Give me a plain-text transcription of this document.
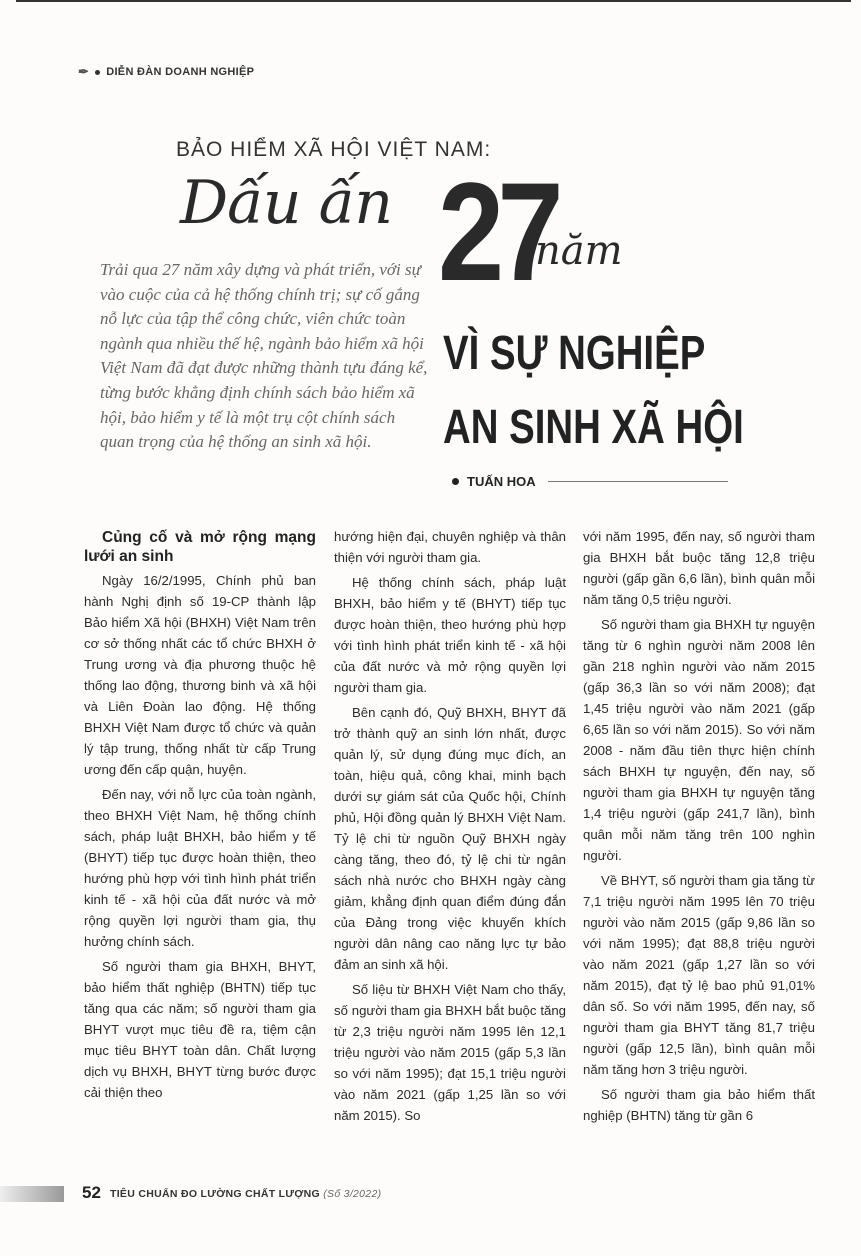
✒ DIỄN ĐÀN DOANH NGHIỆP
BẢO HIỂM XÃ HỘI VIỆT NAM:
Dấu ấn 27
năm
VÌ SỰ NGHIỆP
AN SINH XÃ HỘI
Trải qua 27 năm xây dựng và phát triển, với sự vào cuộc của cả hệ thống chính trị; sự cố gắng nỗ lực của tập thể công chức, viên chức toàn ngành qua nhiều thế hệ, ngành bảo hiểm xã hội Việt Nam đã đạt được những thành tựu đáng kể, từng bước khẳng định chính sách bảo hiểm xã hội, bảo hiểm y tế là một trụ cột chính sách quan trọng của hệ thống an sinh xã hội.
TUẤN HOA

Củng cố và mở rộng mạng lưới an sinh

Ngày 16/2/1995, Chính phủ ban hành Nghị định số 19-CP thành lập Bảo hiểm Xã hội (BHXH) Việt Nam trên cơ sở thống nhất các tổ chức BHXH ở Trung ương và địa phương thuộc hệ thống lao động, thương binh và xã hội và Liên Đoàn lao động. Hệ thống BHXH Việt Nam được tổ chức và quản lý tập trung, thống nhất từ cấp Trung ương đến cấp quận, huyện.

Đến nay, với nỗ lực của toàn ngành, theo BHXH Việt Nam, hệ thống chính sách, pháp luật BHXH, bảo hiểm y tế (BHYT) tiếp tục được hoàn thiện, theo hướng phù hợp với tình hình phát triển kinh tế - xã hội của đất nước và mở rộng quyền lợi người tham gia, thụ hưởng chính sách.

Số người tham gia BHXH, BHYT, bảo hiểm thất nghiệp (BHTN) tiếp tục tăng qua các năm; số người tham gia BHYT vượt mục tiêu đề ra, tiệm cận mục tiêu BHYT toàn dân. Chất lượng dịch vụ BHXH, BHYT từng bước được cải thiện theo

hướng hiện đại, chuyên nghiệp và thân thiện với người tham gia.

Hệ thống chính sách, pháp luật BHXH, bảo hiểm y tế (BHYT) tiếp tục được hoàn thiện, theo hướng phù hợp với tình hình phát triển kinh tế - xã hội của đất nước và mở rộng quyền lợi người tham gia.

Bên cạnh đó, Quỹ BHXH, BHYT đã trở thành quỹ an sinh lớn nhất, được quản lý, sử dụng đúng mục đích, an toàn, hiệu quả, công khai, minh bạch dưới sự giám sát của Quốc hội, Chính phủ, Hội đồng quản lý BHXH Việt Nam. Tỷ lệ chi từ nguồn Quỹ BHXH ngày càng tăng, theo đó, tỷ lệ chi từ ngân sách nhà nước cho BHXH ngày càng giảm, khẳng định quan điểm đúng đắn của Đảng trong việc khuyến khích người dân nâng cao năng lực tự bảo đảm an sinh xã hội.

Số liệu từ BHXH Việt Nam cho thấy, số người tham gia BHXH bắt buộc tăng từ 2,3 triệu người năm 1995 lên 12,1 triệu người vào năm 2015 (gấp 5,3 lần so với năm 1995); đạt 15,1 triệu người vào năm 2021 (gấp 1,25 lần so với năm 2015). So

với năm 1995, đến nay, số người tham gia BHXH bắt buộc tăng 12,8 triệu người (gấp gần 6,6 lần), bình quân mỗi năm tăng 0,5 triệu người.

Số người tham gia BHXH tự nguyện tăng từ 6 nghìn người năm 2008 lên gần 218 nghìn người vào năm 2015 (gấp 36,3 lần so với năm 2008); đạt 1,45 triệu người vào năm 2021 (gấp 6,65 lần so với năm 2015). So với năm 2008 - năm đầu tiên thực hiện chính sách BHXH tự nguyện, đến nay, số người tham gia BHXH tự nguyện tăng 1,4 triệu người (gấp 241,7 lần), bình quân mỗi năm tăng trên 100 nghìn người.

Về BHYT, số người tham gia tăng từ 7,1 triệu người năm 1995 lên 70 triệu người vào năm 2015 (gấp 9,86 lần so với năm 1995); đạt 88,8 triệu người vào năm 2021 (gấp 1,27 lần so với năm 2015), đạt tỷ lệ bao phủ 91,01% dân số. So với năm 1995, đến nay, số người tham gia BHYT tăng 81,7 triệu người (gấp 12,5 lần), bình quân mỗi năm tăng hơn 3 triệu người.

Số người tham gia bảo hiểm thất nghiệp (BHTN) tăng từ gần 6

52 TIÊU CHUẨN ĐO LƯỜNG CHẤT LƯỢNG (Số 3/2022)
